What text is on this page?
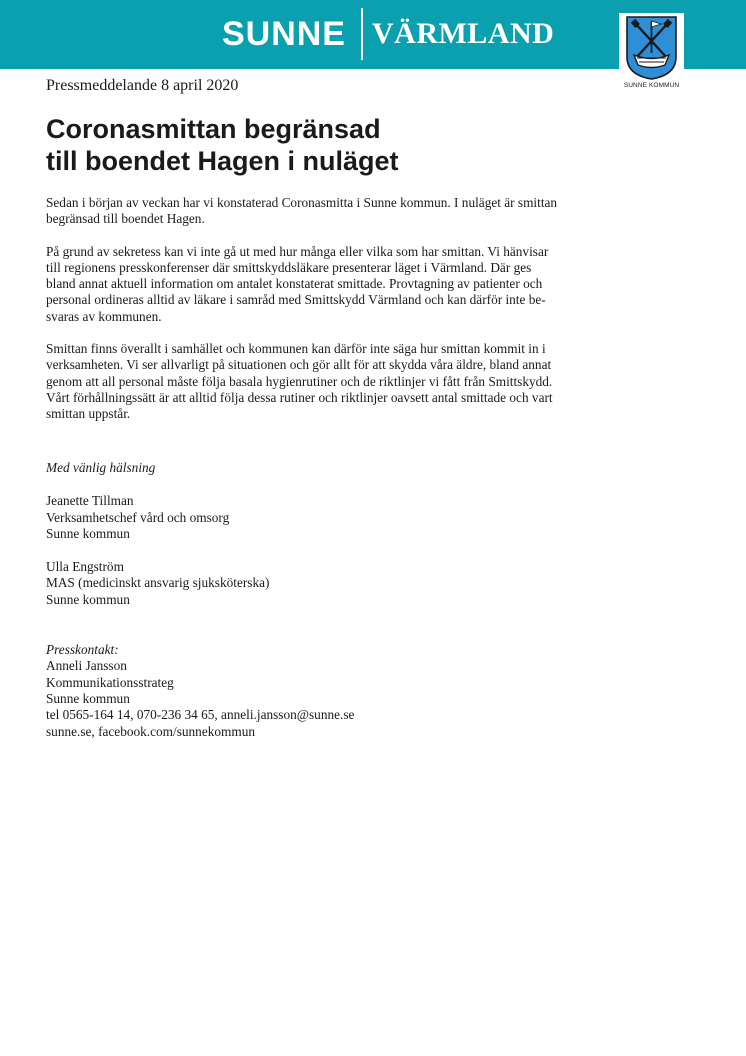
SUNNE VÄRMLAND
SUNNE KOMMUN
Pressmeddelande 8 april 2020
Coronasmittan begränsad
till boendet Hagen i nuläget

Sedan i början av veckan har vi konstaterad Coronasmitta i Sunne kommun. I nuläget är smittan
begränsad till boendet Hagen.

På grund av sekretess kan vi inte gå ut med hur många eller vilka som har smittan. Vi hänvisar
till regionens presskonferenser där smittskyddsläkare presenterar läget i Värmland. Där ges
bland annat aktuell information om antalet konstaterat smittade. Provtagning av patienter och
personal ordineras alltid av läkare i samråd med Smittskydd Värmland och kan därför inte be-
svaras av kommunen.

Smittan finns överallt i samhället och kommunen kan därför inte säga hur smittan kommit in i
verksamheten. Vi ser allvarligt på situationen och gör allt för att skydda våra äldre, bland annat
genom att all personal måste följa basala hygienrutiner och de riktlinjer vi fått från Smittskydd.
Vårt förhållningssätt är att alltid följa dessa rutiner och riktlinjer oavsett antal smittade och vart
smittan uppstår.

Med vänlig hälsning
Jeanette Tillman
Verksamhetschef vård och omsorg
Sunne kommun
Ulla Engström
MAS (medicinskt ansvarig sjuksköterska)
Sunne kommun
Presskontakt:
Anneli Jansson
Kommunikationsstrateg
Sunne kommun
tel 0565-164 14, 070-236 34 65, anneli.jansson@sunne.se
sunne.se, facebook.com/sunnekommun
